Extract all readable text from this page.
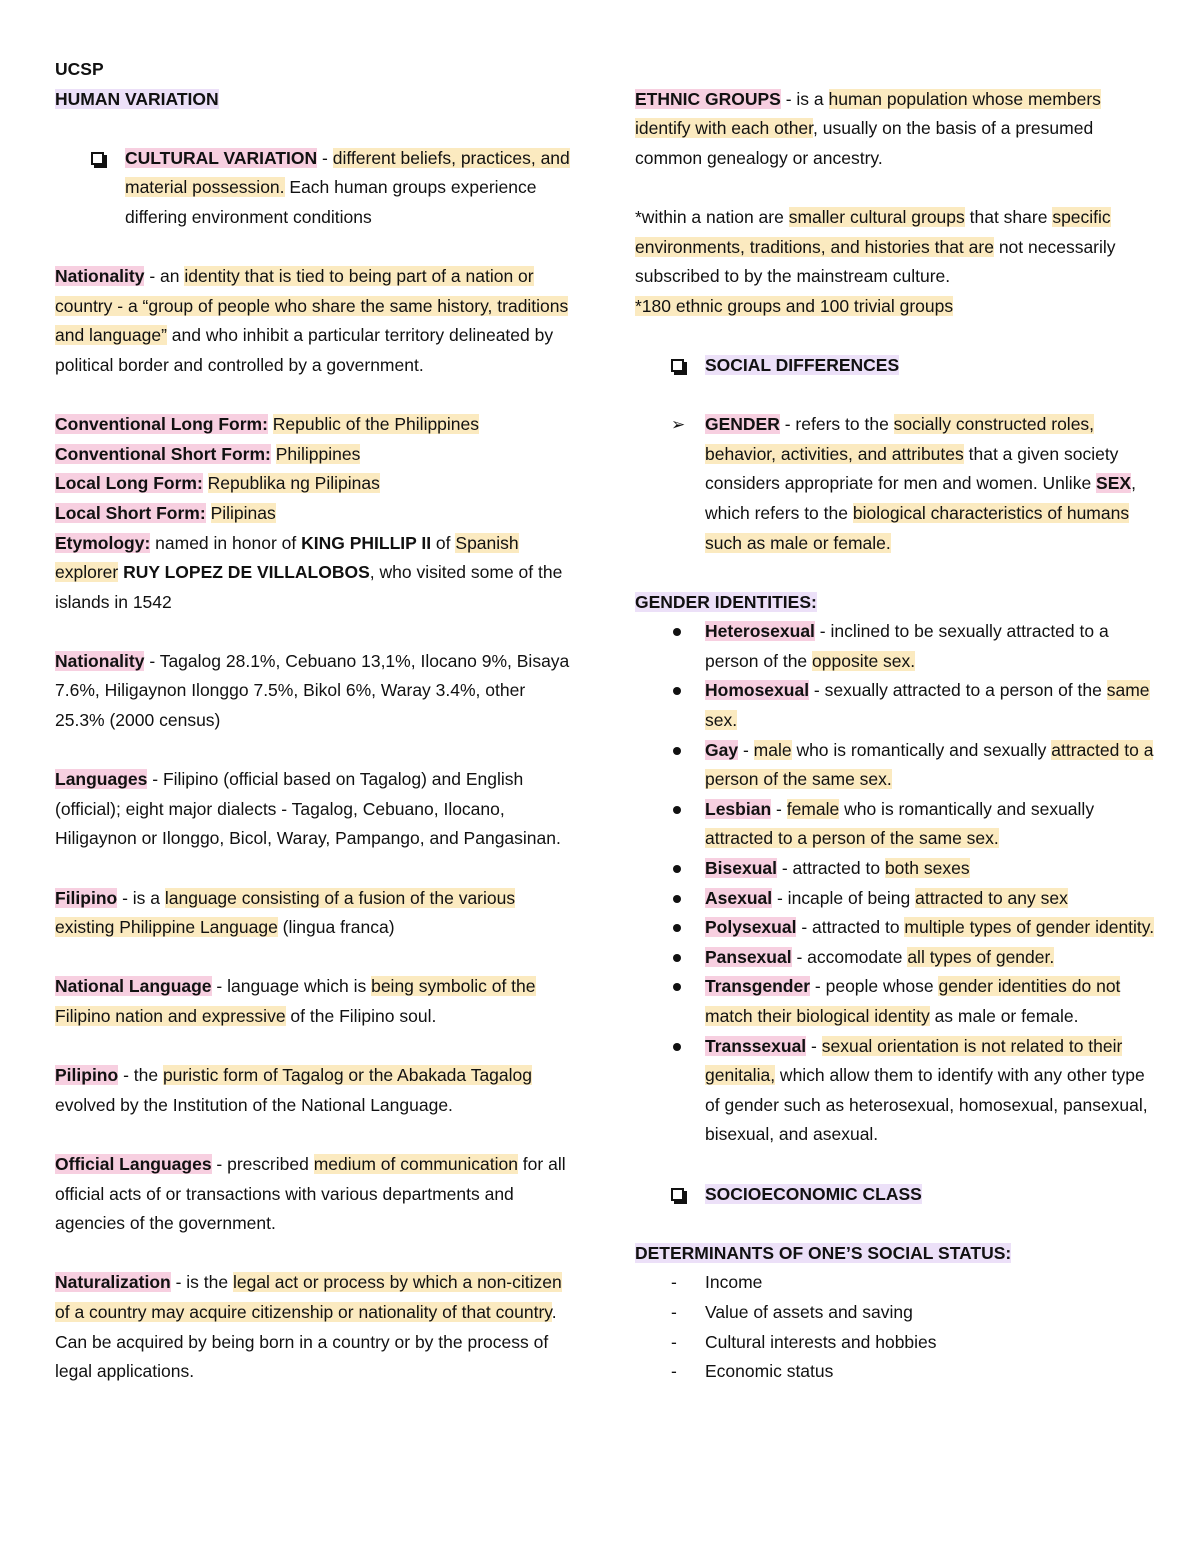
UCSP

HUMAN VARIATION

CULTURAL VARIATION - different beliefs, practices, and material possession. Each human groups experience differing environment conditions

Nationality - an identity that is tied to being part of a nation or country - a “group of people who share the same history, traditions and language” and who inhibit a particular territory delineated by political border and controlled by a government.

Conventional Long Form: Republic of the Philippines

Conventional Short Form: Philippines

Local Long Form: Republika ng Pilipinas

Local Short Form: Pilipinas

Etymology: named in honor of KING PHILLIP II of Spanish explorer RUY LOPEZ DE VILLALOBOS, who visited some of the islands in 1542

Nationality - Tagalog 28.1%, Cebuano 13,1%, Ilocano 9%, Bisaya 7.6%, Hiligaynon Ilonggo 7.5%, Bikol 6%, Waray 3.4%, other 25.3% (2000 census)

Languages - Filipino (official based on Tagalog) and English (official); eight major dialects - Tagalog, Cebuano, Ilocano, Hiligaynon or Ilonggo, Bicol, Waray, Pampango, and Pangasinan.

Filipino - is a language consisting of a fusion of the various existing Philippine Language (lingua franca)

National Language - language which is being symbolic of the Filipino nation and expressive of the Filipino soul.

Pilipino - the puristic form of Tagalog or the Abakada Tagalog evolved by the Institution of the National Language.

Official Languages - prescribed medium of communication for all official acts of or transactions with various departments and agencies of the government.

Naturalization - is the legal act or process by which a non-citizen of a country may acquire citizenship or nationality of that country. Can be acquired by being born in a country or by the process of legal applications.

ETHNIC GROUPS - is a human population whose members identify with each other, usually on the basis of a presumed common genealogy or ancestry.

*within a nation are smaller cultural groups that share specific environments, traditions, and histories that are not necessarily subscribed to by the mainstream culture.

*180 ethnic groups and 100 trivial groups

SOCIAL DIFFERENCES
➢ GENDER - refers to the socially constructed roles, behavior, activities, and attributes that a given society considers appropriate for men and women. Unlike SEX, which refers to the biological characteristics of humans such as male or female.

GENDER IDENTITIES:

Heterosexual - inclined to be sexually attracted to a person of the opposite sex.
Homosexual - sexually attracted to a person of the same sex.
Gay - male who is romantically and sexually attracted to a person of the same sex.
Lesbian - female who is romantically and sexually attracted to a person of the same sex.
Bisexual - attracted to both sexes
Asexual - incaple of being attracted to any sex
Polysexual - attracted to multiple types of gender identity.
Pansexual - accomodate all types of gender.
Transgender - people whose gender identities do not match their biological identity as male or female.
Transsexual - sexual orientation is not related to their genitalia, which allow them to identify with any other type of gender such as heterosexual, homosexual, pansexual, bisexual, and asexual.
SOCIOECONOMIC CLASS

DETERMINANTS OF ONE’S SOCIAL STATUS:

- Income
- Value of assets and saving
- Cultural interests and hobbies
- Economic status
